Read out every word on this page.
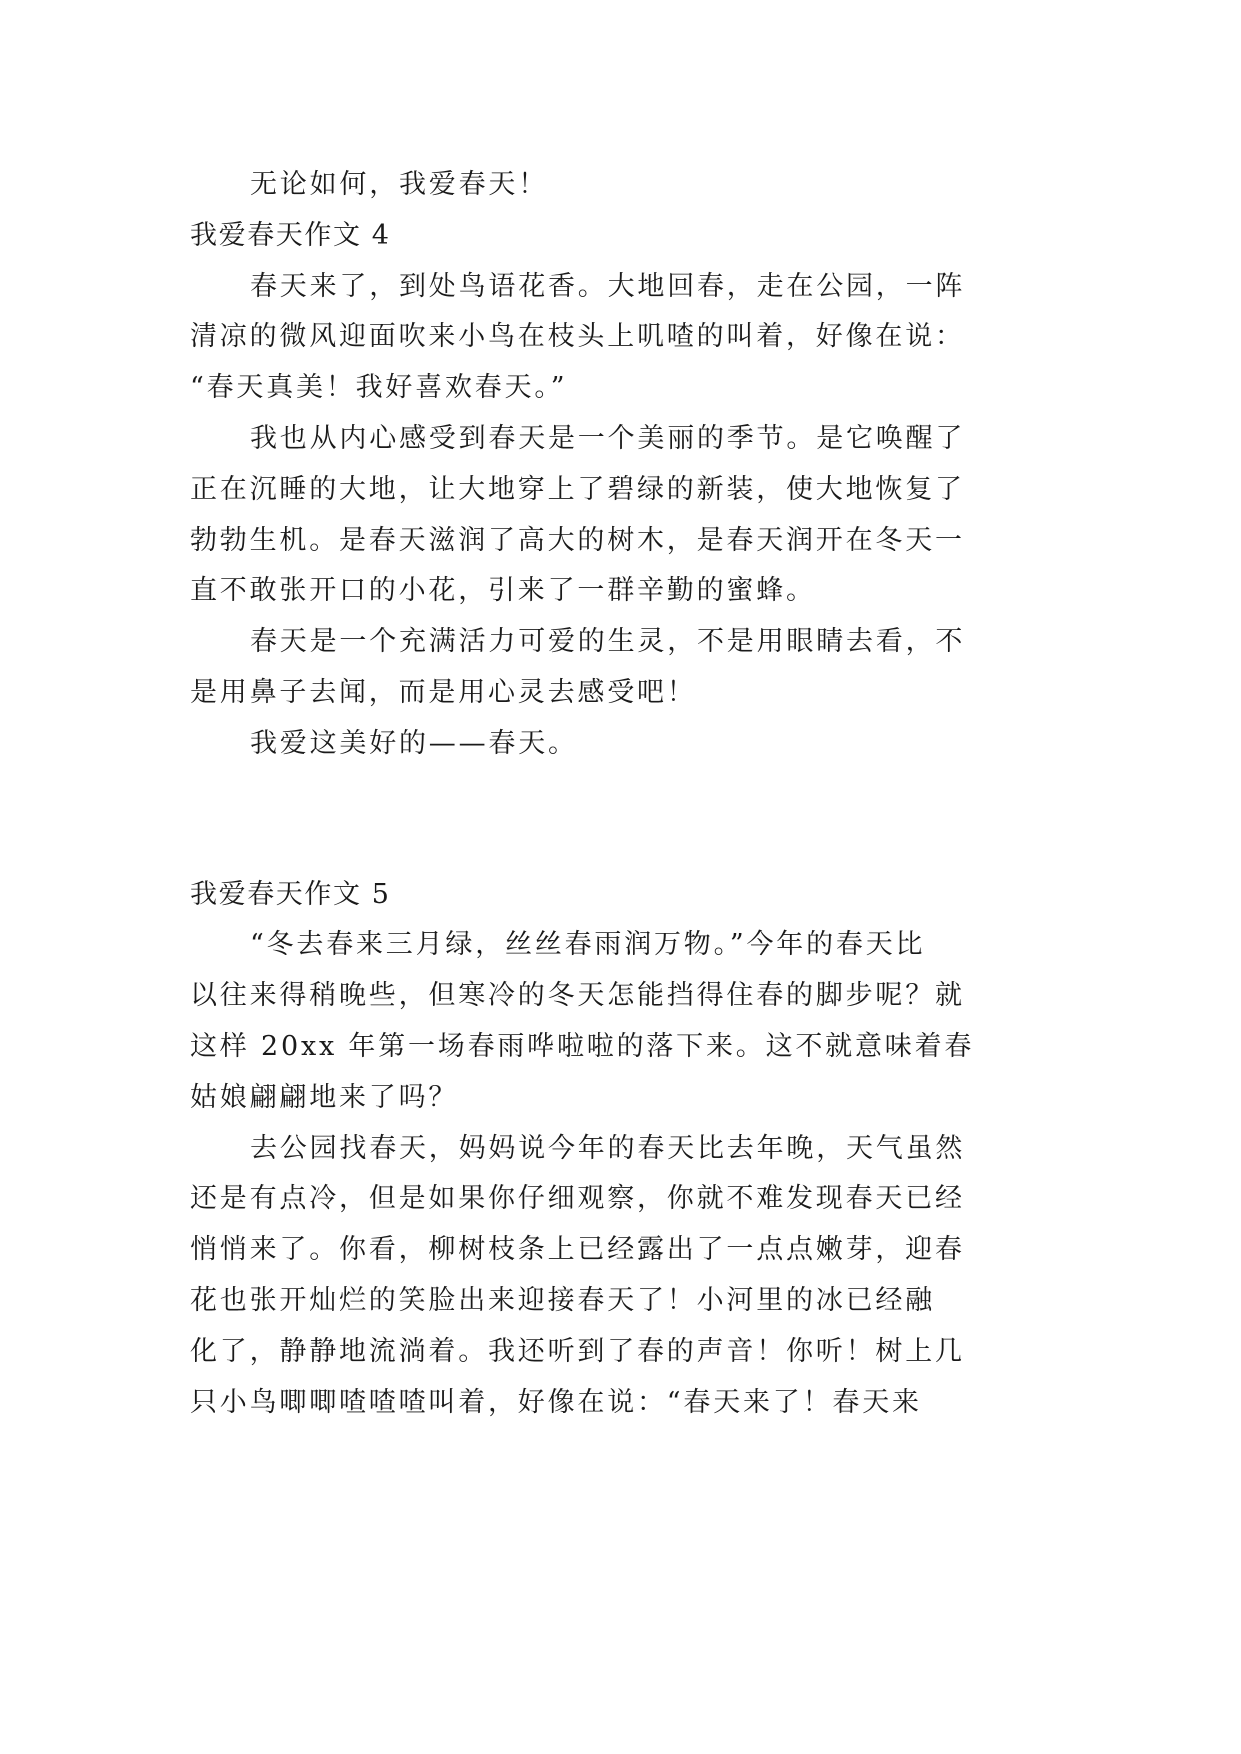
无论如何，我爱春天！

我爱春天作文 4

春天来了，到处鸟语花香。大地回春，走在公园，一阵

清凉的微风迎面吹来小鸟在枝头上叽喳的叫着，好像在说：

“春天真美！我好喜欢春天。”

我也从内心感受到春天是一个美丽的季节。是它唤醒了

正在沉睡的大地，让大地穿上了碧绿的新装，使大地恢复了

勃勃生机。是春天滋润了高大的树木，是春天润开在冬天一

直不敢张开口的小花，引来了一群辛勤的蜜蜂。

春天是一个充满活力可爱的生灵，不是用眼睛去看，不

是用鼻子去闻，而是用心灵去感受吧！

我爱这美好的——春天。

我爱春天作文 5

“冬去春来三月绿，丝丝春雨润万物。”今年的春天比

以往来得稍晚些，但寒冷的冬天怎能挡得住春的脚步呢？就

这样 20xx 年第一场春雨哗啦啦的落下来。这不就意味着春

姑娘翩翩地来了吗？

去公园找春天，妈妈说今年的春天比去年晚，天气虽然

还是有点冷，但是如果你仔细观察，你就不难发现春天已经

悄悄来了。你看，柳树枝条上已经露出了一点点嫩芽，迎春

花也张开灿烂的笑脸出来迎接春天了！小河里的冰已经融

化了，静静地流淌着。我还听到了春的声音！你听！树上几

只小鸟唧唧喳喳喳叫着，好像在说：“春天来了！春天来
